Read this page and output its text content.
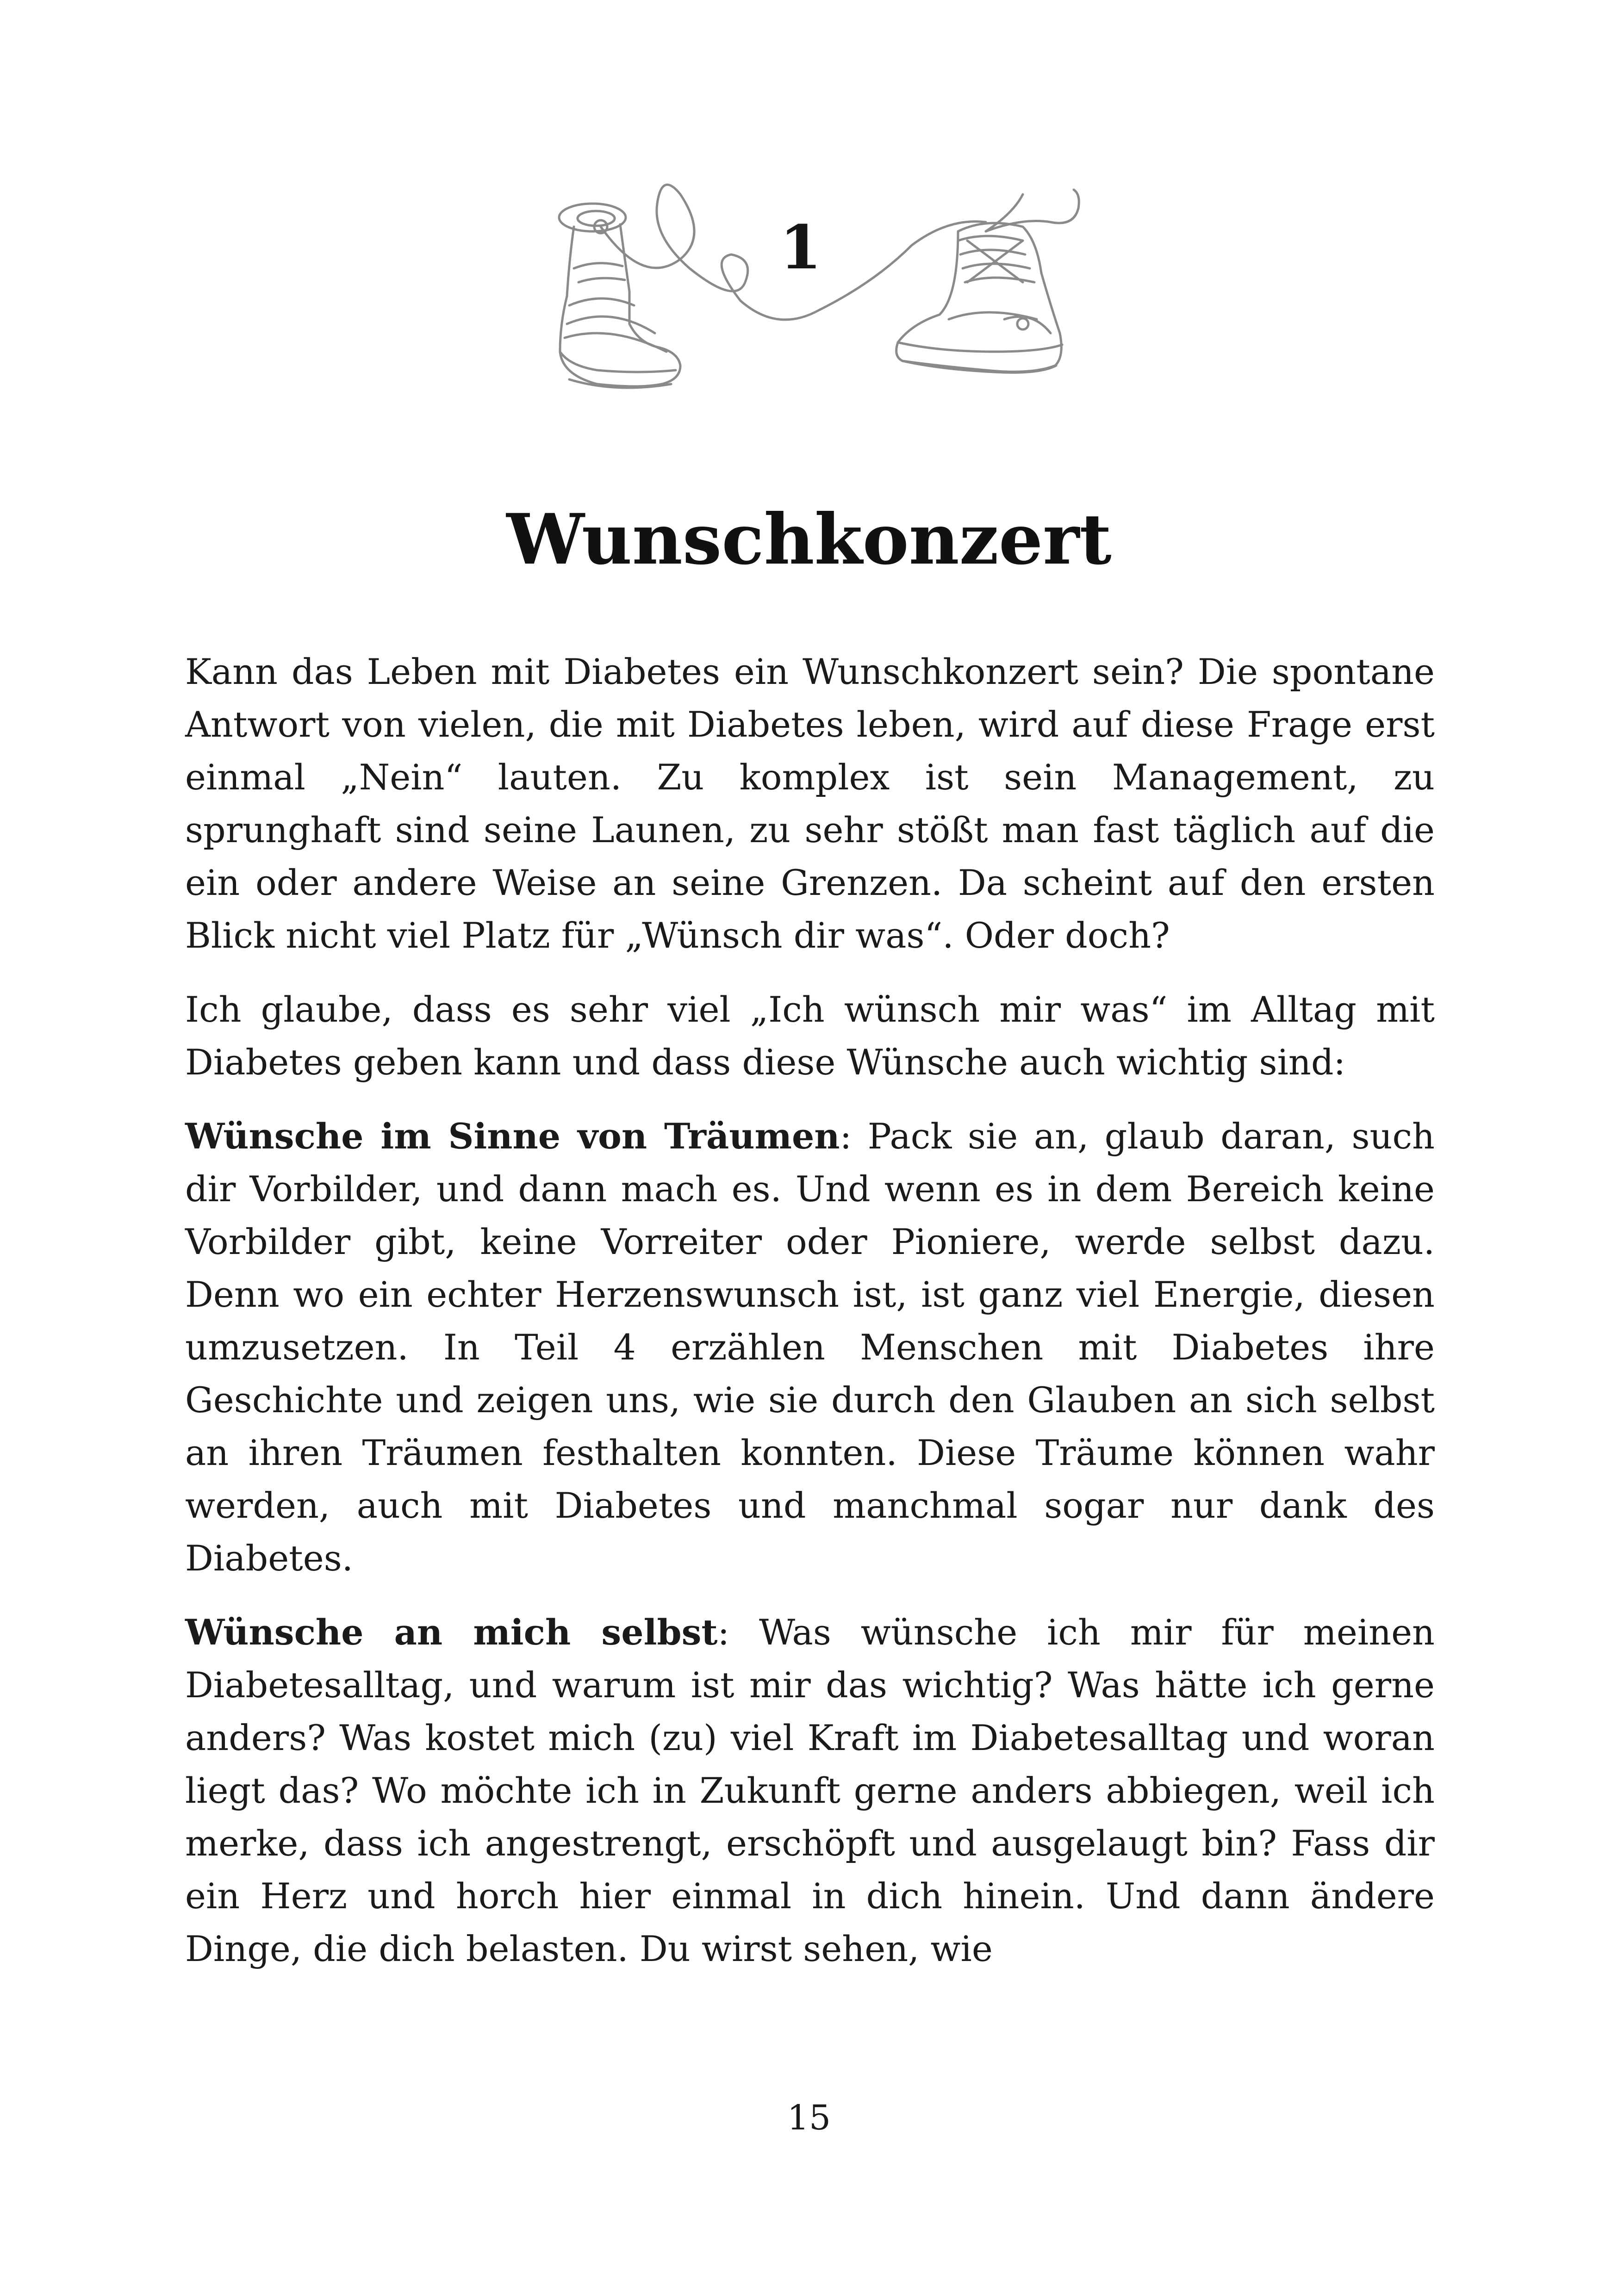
1
Wunschkonzert

Kann das Leben mit Diabetes ein Wunschkonzert sein? Die spontane Antwort von vielen, die mit Diabetes leben, wird auf diese Frage erst einmal „Nein“ lauten. Zu komplex ist sein Management, zu sprunghaft sind seine Launen, zu sehr stößt man fast täglich auf die ein oder andere Weise an seine Grenzen. Da scheint auf den ersten Blick nicht viel Platz für „Wünsch dir was“. Oder doch?

Ich glaube, dass es sehr viel „Ich wünsch mir was“ im Alltag mit Diabetes geben kann und dass diese Wünsche auch wichtig sind:

Wünsche im Sinne von Träumen: Pack sie an, glaub daran, such dir Vorbilder, und dann mach es. Und wenn es in dem Bereich keine Vorbilder gibt, keine Vorreiter oder Pioniere, werde selbst dazu. Denn wo ein echter Herzenswunsch ist, ist ganz viel Energie, diesen umzusetzen. In Teil 4 erzählen Menschen mit Diabetes ihre Geschichte und zeigen uns, wie sie durch den Glauben an sich selbst an ihren Träumen festhalten konnten. Diese Träume können wahr werden, auch mit Diabetes und manchmal sogar nur dank des Diabetes.

Wünsche an mich selbst: Was wünsche ich mir für meinen Diabetesalltag, und warum ist mir das wichtig? Was hätte ich gerne anders? Was kostet mich (zu) viel Kraft im Diabetesalltag und woran liegt das? Wo möchte ich in Zukunft gerne anders abbiegen, weil ich merke, dass ich angestrengt, erschöpft und ausgelaugt bin? Fass dir ein Herz und horch hier einmal in dich hinein. Und dann ändere Dinge, die dich belasten. Du wirst sehen, wie

15
